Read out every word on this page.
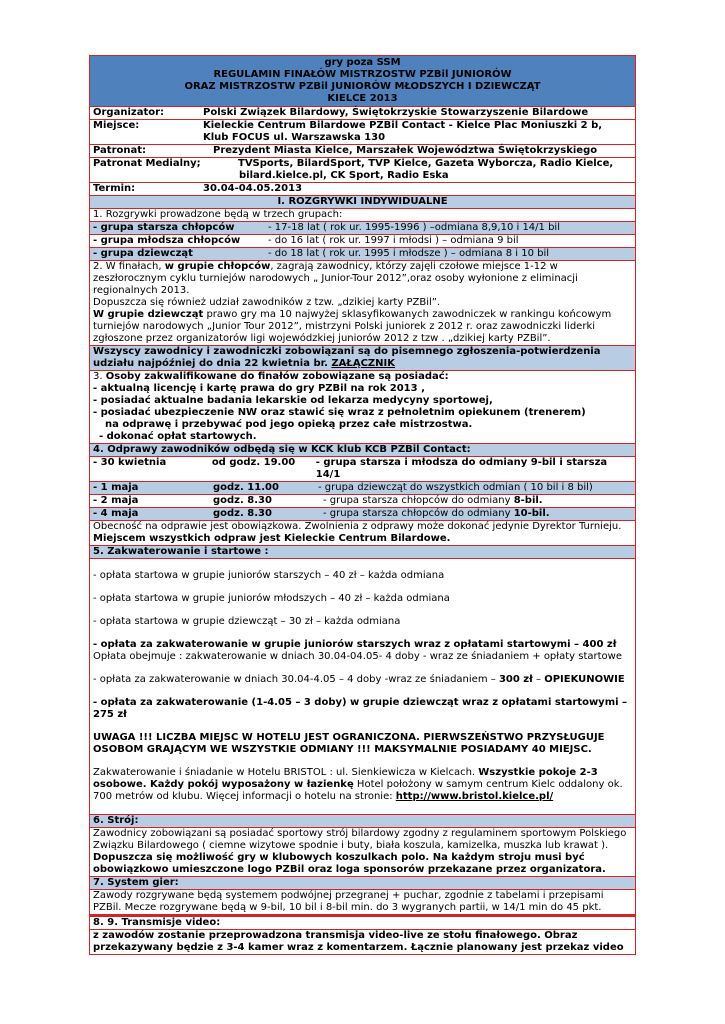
gry poza SSM
REGULAMIN FINAŁÓW MISTRZOSTW PZBil JUNIORÓW
ORAZ MISTRZOSTW PZBil JUNIORÓW MŁODSZYCH I DZIEWCZĄT
KIELCE 2013
Organizator:	Polski Związek Bilardowy, Świętokrzyskie Stowarzyszenie Bilardowe
Miejsce:	Kieleckie Centrum Bilardowe PZBil Contact - Kielce Plac Moniuszki 2 b,
Klub FOCUS ul. Warszawska 130
Patronat:	Prezydent Miasta Kielce, Marszałek Województwa Świętokrzyskiego
Patronat Medialny;	TVSports, BilardSport, TVP Kielce, Gazeta Wyborcza, Radio Kielce,
bilard.kielce.pl, CK Sport, Radio Eska
Termin:	30.04-04.05.2013
I. ROZGRYWKI INDYWIDUALNE
1. Rozgrywki prowadzone będą w trzech grupach:
- grupa starsza chłopców	- 17-18 lat ( rok ur. 1995-1996 ) –odmiana 8,9,10 i 14/1 bil
- grupa młodsza chłopców	- do 16 lat ( rok ur. 1997 i młodsi ) – odmiana 9 bil
- grupa dziewcząt	- do 18 lat ( rok ur. 1995 i młodsze ) – odmiana 8 i 10 bil
2. W finałach, w grupie chłopców, zagrają zawodnicy, którzy zajęli czołowe miejsce 1-12 w zeszłorocznym cyklu turniejów narodowych „ Junior-Tour 2012”,oraz osoby wyłonione z eliminacji regionalnych 2013.
Dopuszcza się również udział zawodników z tzw. „dzikiej karty PZBil”.
W grupie dziewcząt prawo gry ma 10 najwyżej sklasyfikowanych zawodniczek w rankingu końcowym turniejów narodowych „Junior Tour 2012”, mistrzyni Polski juniorek z 2012 r. oraz zawodniczki liderki zgłoszone przez organizatorów ligi wojewódzkiej juniorów 2012 z tzw . „dzikiej karty PZBil”.
Wszyscy zawodnicy i zawodniczki zobowiązani są do pisemnego zgłoszenia-potwierdzenia udziału najpóźniej do dnia 22 kwietnia br. ZAŁĄCZNIK
3. Osoby zakwalifikowane do finałów zobowiązane są posiadać:
- aktualną licencję i kartę prawa do gry PZBil na rok 2013 ,
- posiadać aktualne badania lekarskie od lekarza medycyny sportowej,
- posiadać ubezpieczenie NW oraz stawić się wraz z pełnoletnim opiekunem (trenerem)
na odprawę i przebywać pod jego opieką przez całe mistrzostwa.
- dokonać opłat startowych.
4. Odprawy zawodników odbędą się w KCK klub KCB PZBil Contact:
- 30 kwietnia	od godz. 19.00	- grupa starsza i młodsza do odmiany 9-bil i starsza 14/1
- 1 maja	godz. 11.00	- grupa dziewcząt do wszystkich odmian ( 10 bil i 8 bil)
- 2 maja	godz. 8.30	- grupa starsza chłopców do odmiany 8-bil.
- 4 maja	godz. 8.30	- grupa starsza chłopców do odmiany 10-bil.
Obecność na odprawie jest obowiązkowa. Zwolnienia z odprawy może dokonać jedynie Dyrektor Turnieju.
Miejscem wszystkich odpraw jest Kieleckie Centrum Bilardowe.
5. Zakwaterowanie i startowe :
- opłata startowa w grupie juniorów starszych – 40 zł – każda odmiana
- opłata startowa w grupie juniorów młodszych – 40 zł – każda odmiana
- opłata startowa w grupie dziewcząt – 30 zł – każda odmiana
- opłata za zakwaterowanie w grupie juniorów starszych wraz z opłatami startowymi – 400 zł
Opłata obejmuje : zakwaterowanie w dniach 30.04-04.05- 4 doby - wraz ze śniadaniem + opłaty startowe
- opłata za zakwaterowanie w dniach 30.04-4.05 – 4 doby -wraz ze śniadaniem – 300 zł – OPIEKUNOWIE
- opłata za zakwaterowanie (1-4.05 – 3 doby) w grupie dziewcząt wraz z opłatami startowymi – 275 zł
UWAGA !!! LICZBA MIEJSC W HOTELU JEST OGRANICZONA. PIERWSZEŃSTWO PRZYSŁUGUJE OSOBOM GRAJĄCYM WE WSZYSTKIE ODMIANY !!! MAKSYMALNIE POSIADAMY 40 MIEJSC.
Zakwaterowanie i śniadanie w Hotelu BRISTOL : ul. Sienkiewicza w Kielcach. Wszystkie pokoje 2-3 osobowe. Każdy pokój wyposażony w łazienkę Hotel położony w samym centrum Kielc oddalony ok. 700 metrów od klubu. Więcej informacji o hotelu na stronie: http://www.bristol.kielce.pl/
6. Strój:
Zawodnicy zobowiązani są posiadać sportowy strój bilardowy zgodny z regulaminem sportowym Polskiego Związku Bilardowego ( ciemne wizytowe spodnie i buty, biała koszula, kamizelka, muszka lub krawat ).
Dopuszcza się możliwość gry w klubowych koszulkach polo. Na każdym stroju musi być obowiązkowo umieszczone logo PZBil oraz loga sponsorów przekazane przez organizatora.
7. System gier:
Zawody rozgrywane będą systemem podwójnej przegranej + puchar, zgodnie z tabelami i przepisami PZBil. Mecze rozgrywane będą w 9-bil, 10 bil i 8-bil min. do 3 wygranych partii, w 14/1 min do 45 pkt.
8. 9. Transmisje video:
z zawodów zostanie przeprowadzona transmisja video-live ze stołu finałowego. Obraz przekazywany będzie z 3-4 kamer wraz z komentarzem. Łącznie planowany jest przekaz video
